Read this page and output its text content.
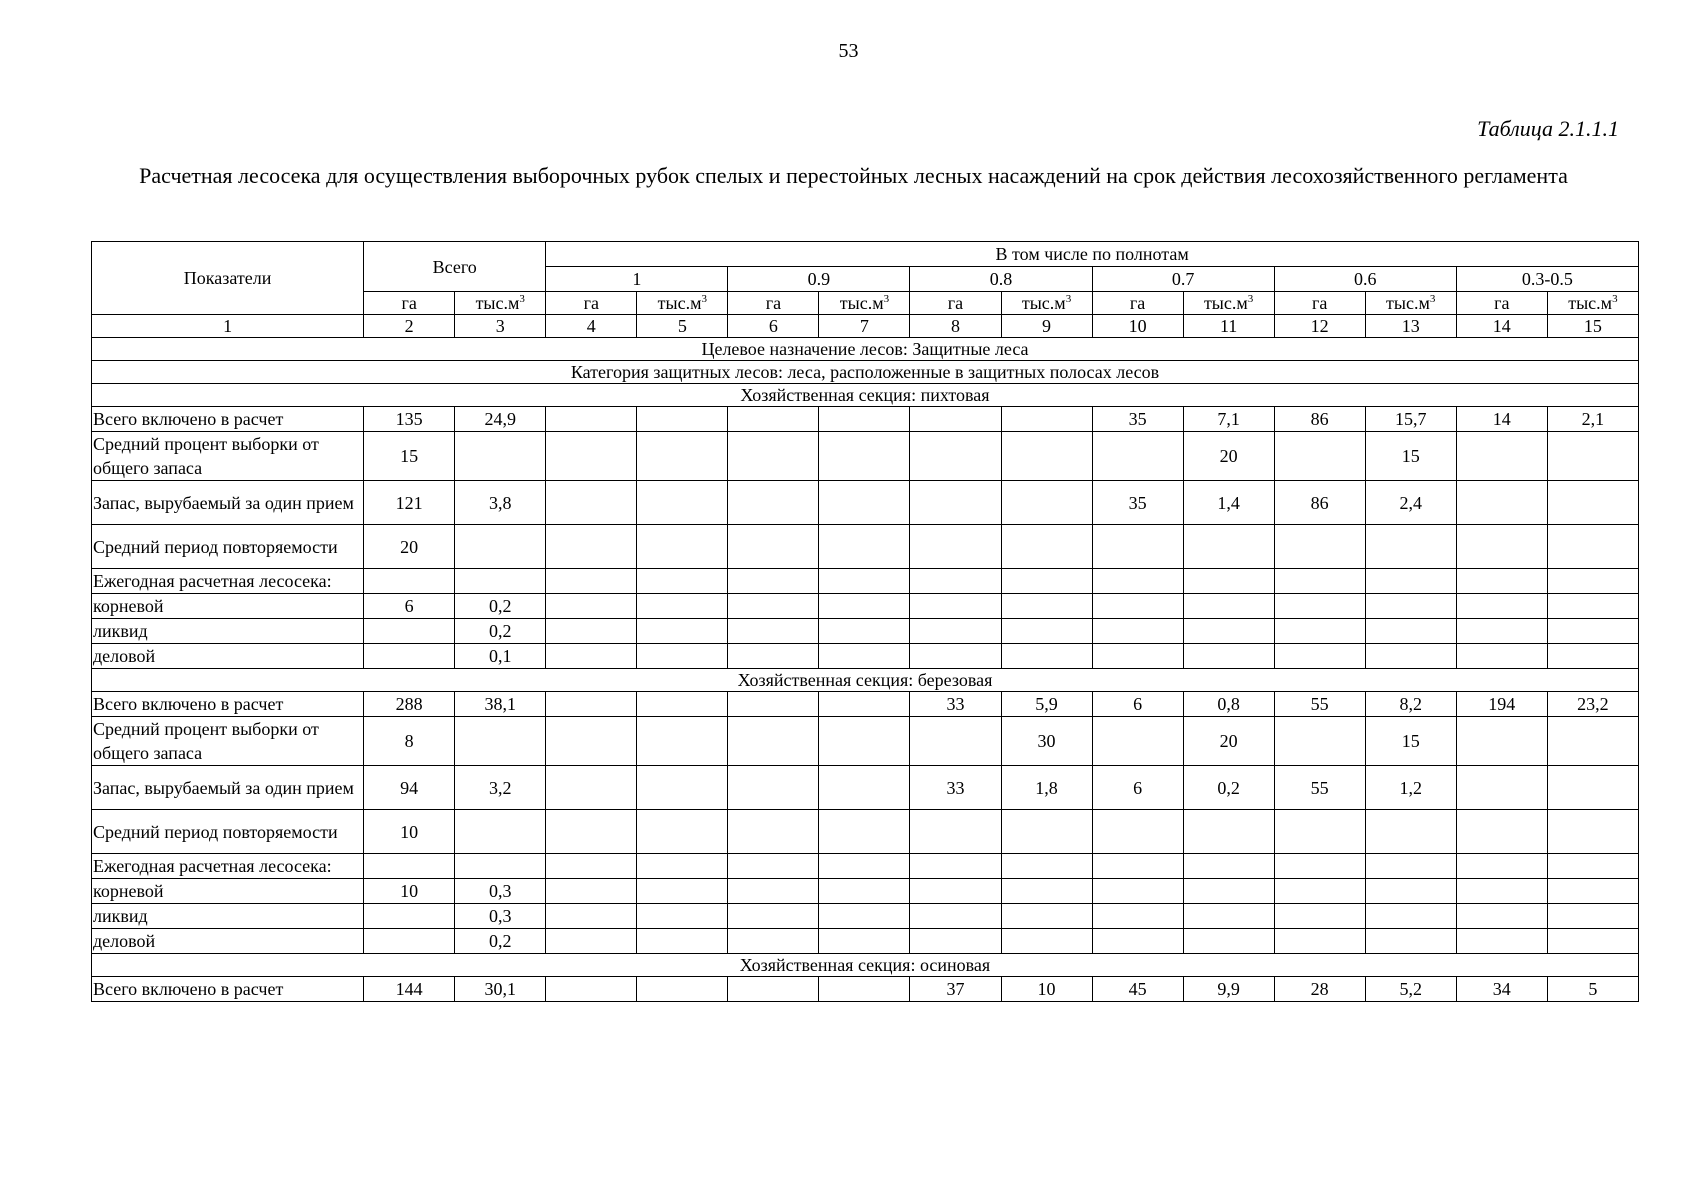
53
Таблица 2.1.1.1
Расчетная лесосека для осуществления выборочных рубок спелых и перестойных лесных насаждений на срок действия лесохозяйственного регламента
Показатели	Всего		В том числе по полнотам											
			1		0.9		0.8		0.7		0.6		0.3-0.5	
	га	$тыс.м^3$	га	$тыс.м^3$	га	$тыс.м^3$	га	$тыс.м^3$	га	$тыс.м^3$	га	$тыс.м^3$	га	$тыс.м^3$
1	2	3	4	5	6	7	8	9	10	11	12	13	14	15
Целевое назначение лесов: Защитные леса														
Категория защитных лесов: леса, расположенные в защитных полосах лесов														
Хозяйственная секция: пихтовая														
Всего включено в расчет	135	24,9							35	7,1	86	15,7	14	2,1
Средний процент выборки от общего запаса	15									20		15		
Запас, вырубаемый за один прием	121	3,8							35	1,4	86	2,4		
Средний период повторяемости	20													
Ежегодная расчетная лесосека:														
корневой	6	0,2												
ликвид		0,2												
деловой		0,1												
Хозяйственная секция: березовая														
Всего включено в расчет	288	38,1					33	5,9	6	0,8	55	8,2	194	23,2
Средний процент выборки от общего запаса	8							30		20		15		
Запас, вырубаемый за один прием	94	3,2					33	1,8	6	0,2	55	1,2		
Средний период повторяемости	10													
Ежегодная расчетная лесосека:														
корневой	10	0,3												
ликвид		0,3												
деловой		0,2												
Хозяйственная секция: осиновая														
Всего включено в расчет	144	30,1					37	10	45	9,9	28	5,2	34	5
